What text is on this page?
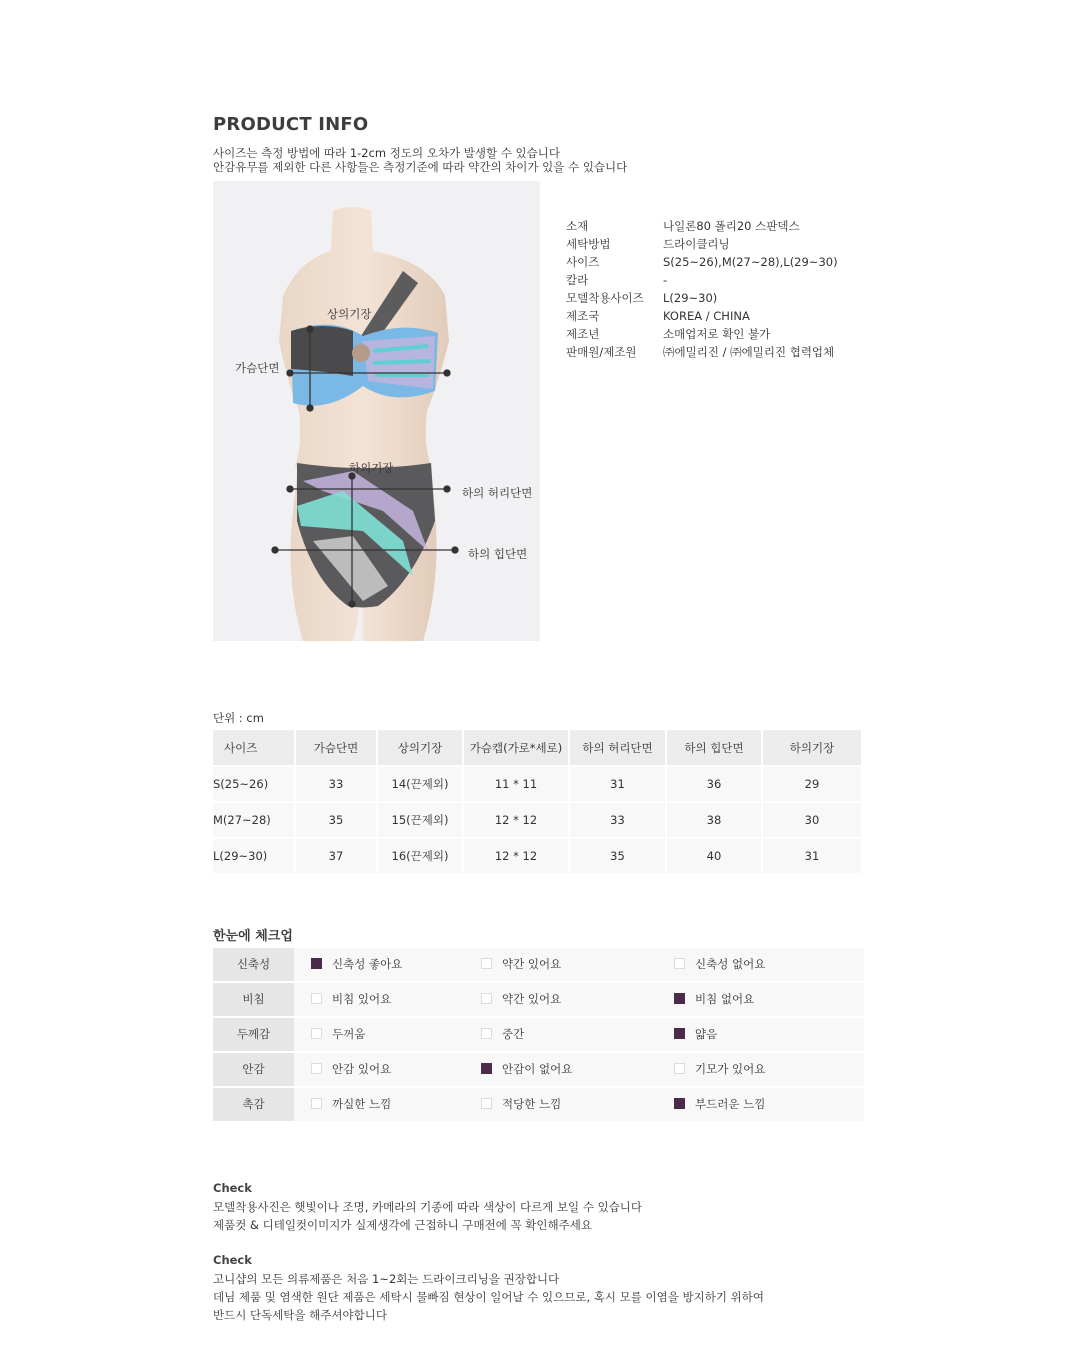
PRODUCT INFO
사이즈는 측정 방법에 따라 1-2cm 정도의 오차가 발생할 수 있습니다
안감유무를 제외한 다른 사항들은 측정기준에 따라 약간의 차이가 있을 수 있습니다
상의기장
가슴단면
하의기장
하의 허리단면
하의 힙단면
소재	나일론80 폴리20 스판덱스
세탁방법	드라이클리닝
사이즈	S(25~26),M(27~28),L(29~30)
칼라	-
모델착용사이즈 L(29~30)
제조국	KOREA / CHINA
제조년	소매업저로 확인 불가
판매원/제조원 ㈜에밀리진 / ㈜에밀리진 협력업체
단위 : cm
사이즈	가슴단면	상의기장	가슴캡(가로*세로)	하의 허리단면	하의 힙단면	하의기장
S(25~26)	33	14(끈제외)	11 * 11	31	36	29
M(27~28)	35	15(끈제외)	12 * 12	33	38	30
L(29~30)	37	16(끈제외)	12 * 12	35	40	31
한눈에 체크업
신축성	신축성 좋아요	약간 있어요	신축성 없어요
비침	비침 있어요	약간 있어요	비침 없어요
두께감	두꺼움	중간	얇음
안감	안감 있어요	안감이 없어요	기모가 있어요
촉감	까실한 느낌	적당한 느낌	부드러운 느낌
Check
모델착용사진은 햇빛이나 조명, 카메라의 기종에 따라 색상이 다르게 보일 수 있습니다
제품컷 & 디테일컷이미지가 실제생각에 근접하니 구매전에 꼭 확인해주세요
Check
고니샵의 모든 의류제품은 처음 1~2회는 드라이크리닝을 권장합니다
데님 제품 및 염색한 원단 제품은 세탁시 물빠짐 현상이 일어날 수 있으므로, 혹시 모를 이염을 방지하기 위하여
반드시 단독세탁을 해주셔야합니다
